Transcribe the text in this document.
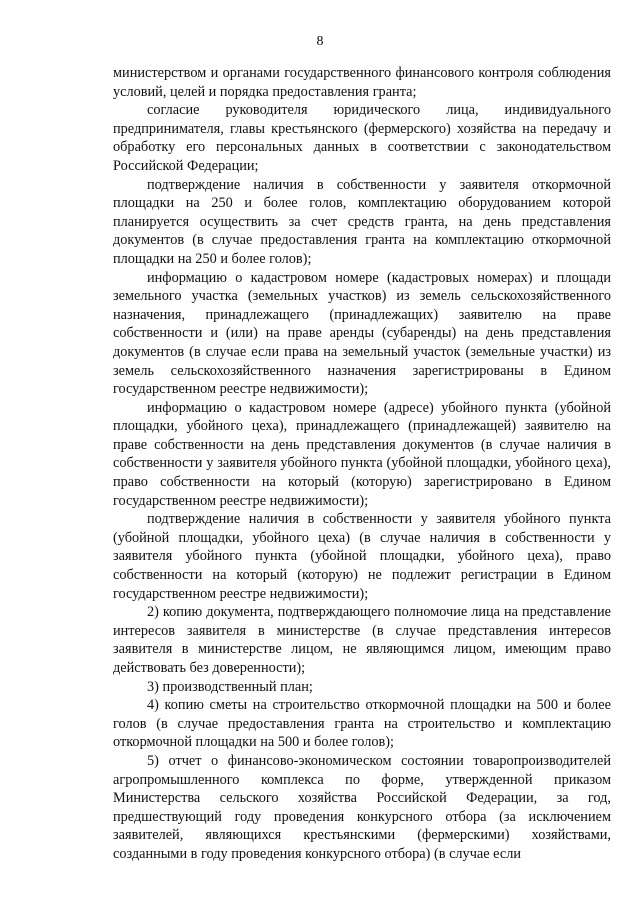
8

министерством и органами государственного финансового контроля соблюдения условий, целей и порядка предоставления гранта;

согласие руководителя юридического лица, индивидуального предпринимателя, главы крестьянского (фермерского) хозяйства на передачу и обработку его персональных данных в соответствии с законодательством Российской Федерации;

подтверждение наличия в собственности у заявителя откормочной площадки на 250 и более голов, комплектацию оборудованием которой планируется осуществить за счет средств гранта, на день представления документов (в случае предоставления гранта на комплектацию откормочной площадки на 250 и более голов);

информацию о кадастровом номере (кадастровых номерах) и площади земельного участка (земельных участков) из земель сельскохозяйственного назначения, принадлежащего (принадлежащих) заявителю на праве собственности и (или) на праве аренды (субаренды) на день представления документов (в случае если права на земельный участок (земельные участки) из земель сельскохозяйственного назначения зарегистрированы в Едином государственном реестре недвижимости);

информацию о кадастровом номере (адресе) убойного пункта (убойной площадки, убойного цеха), принадлежащего (принадлежащей) заявителю на праве собственности на день представления документов (в случае наличия в собственности у заявителя убойного пункта (убойной площадки, убойного цеха), право собственности на который (которую) зарегистрировано в Едином государственном реестре недвижимости);

подтверждение наличия в собственности у заявителя убойного пункта (убойной площадки, убойного цеха) (в случае наличия в собственности у заявителя убойного пункта (убойной площадки, убойного цеха), право собственности на который (которую) не подлежит регистрации в Едином государственном реестре недвижимости);

2) копию документа, подтверждающего полномочие лица на представление интересов заявителя в министерстве (в случае представления интересов заявителя в министерстве лицом, не являющимся лицом, имеющим право действовать без доверенности);

3) производственный план;

4) копию сметы на строительство откормочной площадки на 500 и более голов (в случае предоставления гранта на строительство и комплектацию откормочной площадки на 500 и более голов);

5) отчет о финансово-экономическом состоянии товаропроизводителей агропромышленного комплекса по форме, утвержденной приказом Министерства сельского хозяйства Российской Федерации, за год, предшествующий году проведения конкурсного отбора (за исключением заявителей, являющихся крестьянскими (фермерскими) хозяйствами, созданными в году проведения конкурсного отбора) (в случае если
